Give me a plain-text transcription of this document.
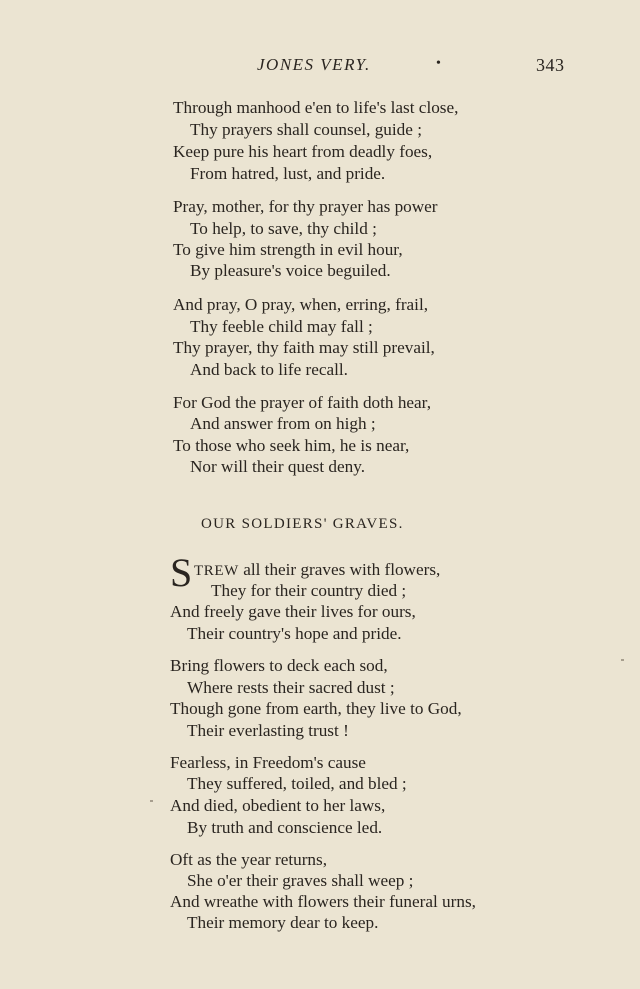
JONES VERY.	•	343
Through manhood e'en to life's last close,
Thy prayers shall counsel, guide ;
Keep pure his heart from deadly foes,
From hatred, lust, and pride.
Pray, mother, for thy prayer has power
To help, to save, thy child ;
To give him strength in evil hour,
By pleasure's voice beguiled.
And pray, O pray, when, erring, frail,
Thy feeble child may fall ;
Thy prayer, thy faith may still prevail,
And back to life recall.
For God the prayer of faith doth hear,
And answer from on high ;
To those who seek him, he is near,
Nor will their quest deny.
OUR SOLDIERS' GRAVES.
S TREW all their graves with flowers,
They for their country died ;
And freely gave their lives for ours,
Their country's hope and pride.
Bring flowers to deck each sod,
Where rests their sacred dust ;
Though gone from earth, they live to God,
Their everlasting trust !
Fearless, in Freedom's cause
They suffered, toiled, and bled ;
And died, obedient to her laws,
By truth and conscience led.
Oft as the year returns,
She o'er their graves shall weep ;
And wreathe with flowers their funeral urns,
Their memory dear to keep.
